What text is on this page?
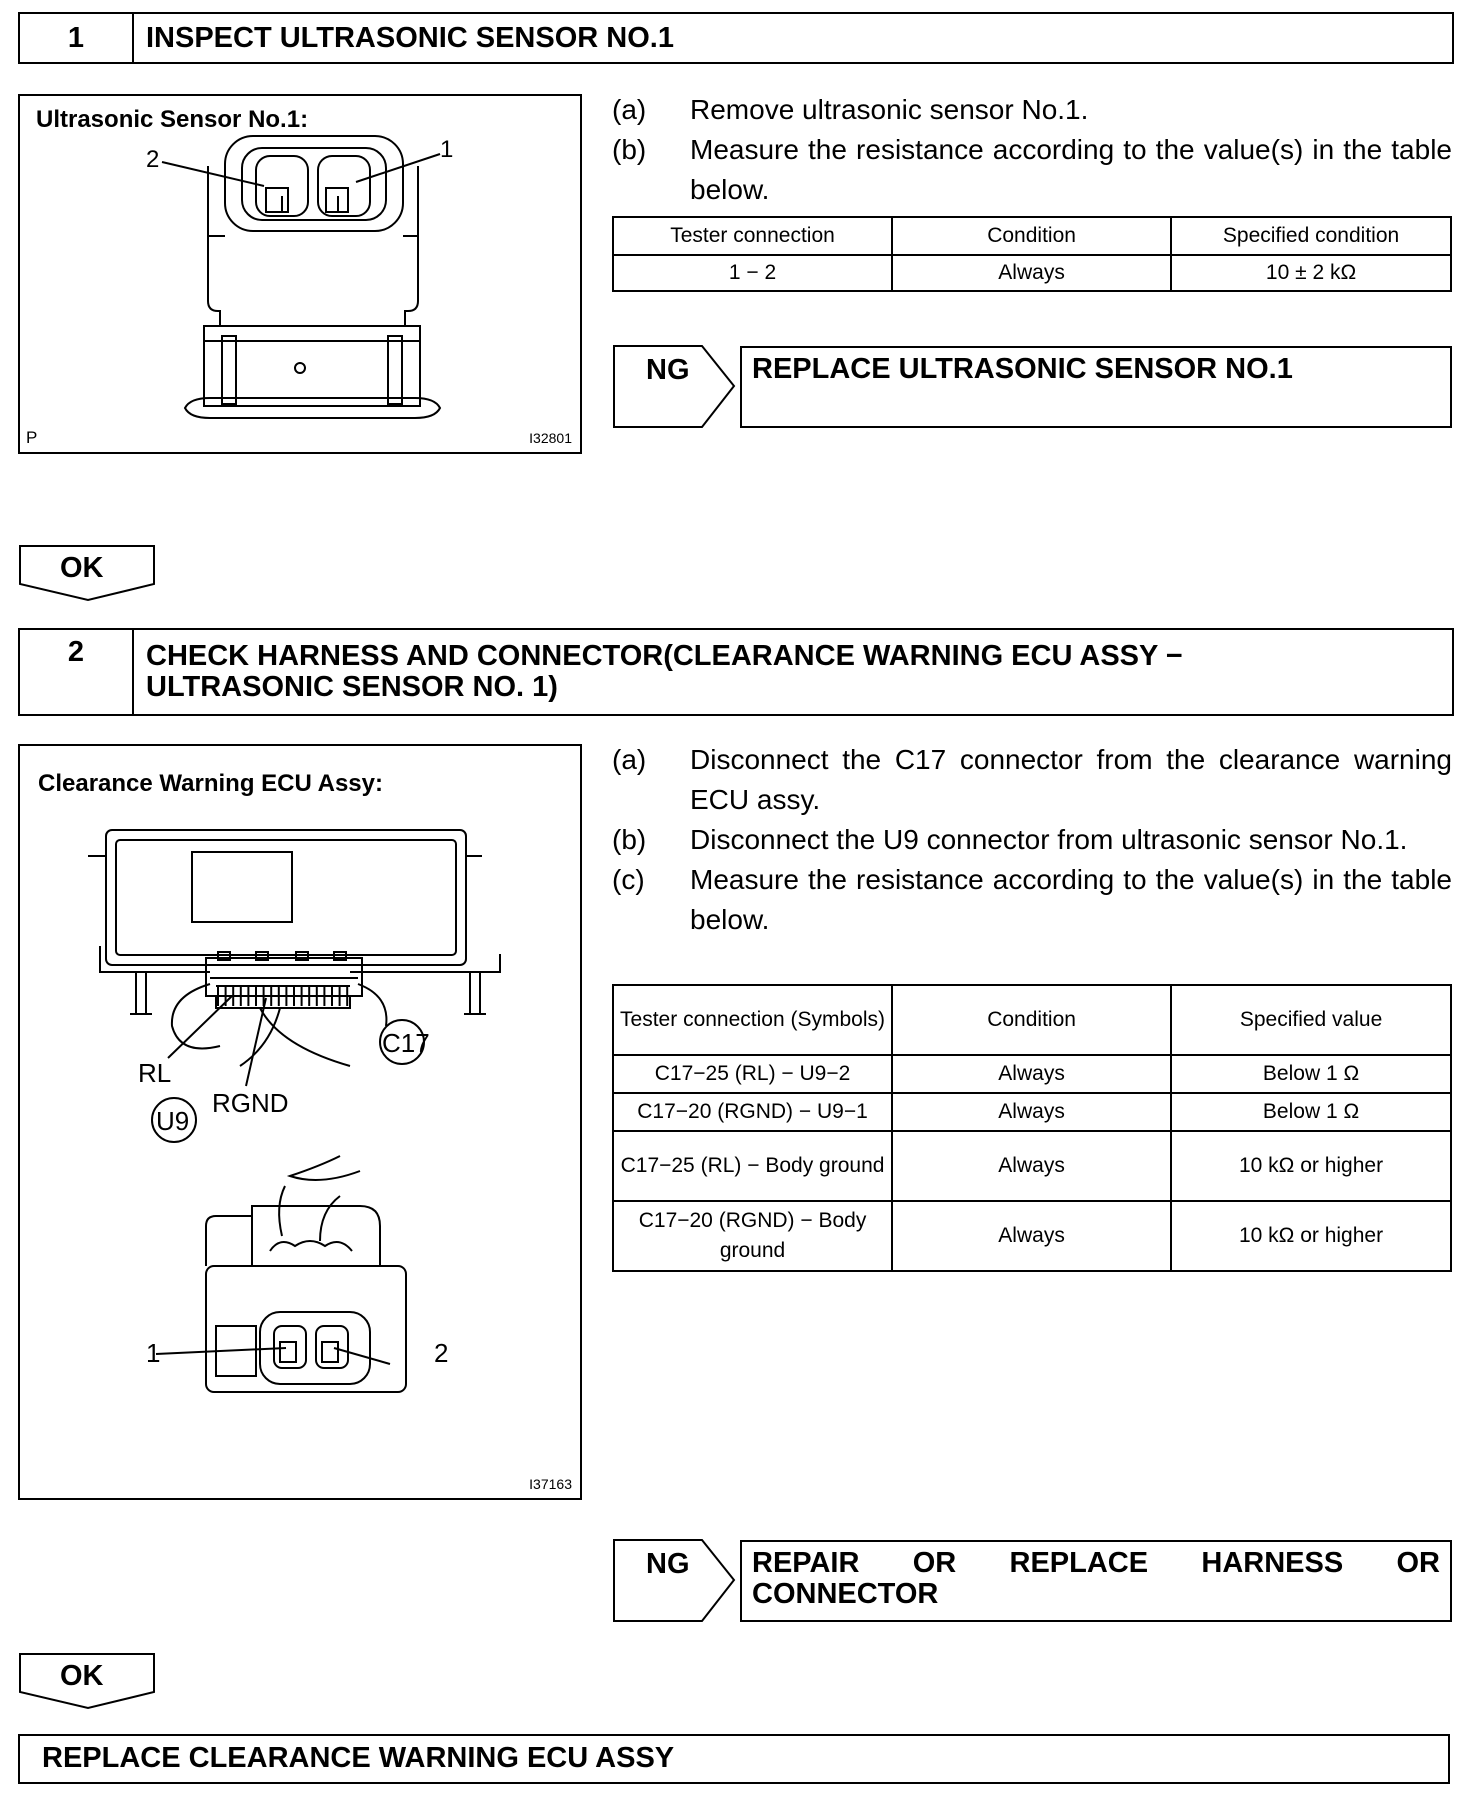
1	INSPECT ULTRASONIC SENSOR NO.1
Ultrasonic Sensor No.1:
2	1
P	I32801
(a)	Remove ultrasonic sensor No.1.
(b)	Measure the resistance according to the value(s) in the table below.
Tester connection	Condition	Specified condition
1 − 2	Always	10 ± 2 kΩ
NG REPLACE ULTRASONIC SENSOR NO.1
OK
2 CHECK HARNESS AND CONNECTOR(CLEARANCE WARNING ECU ASSY −
ULTRASONIC SENSOR NO. 1)
Clearance Warning ECU Assy:
C17
RL
RGND
U9
1	2
I37163
(a)	Disconnect the C17 connector from the clearance warning ECU assy.
(b)	Disconnect the U9 connector from ultrasonic sensor No.1.
(c)	Measure the resistance according to the value(s) in the table below.
Tester connection (Symbols)	Condition	Specified value
C17−25 (RL) − U9−2	Always	Below 1 Ω
C17−20 (RGND) − U9−1	Always	Below 1 Ω
C17−25 (RL) − Body ground	Always	10 kΩ or higher
C17−20 (RGND) − Body ground	Always	10 kΩ or higher
NG REPAIR OR REPLACE HARNESS OR
CONNECTOR
OK
REPLACE CLEARANCE WARNING ECU ASSY
